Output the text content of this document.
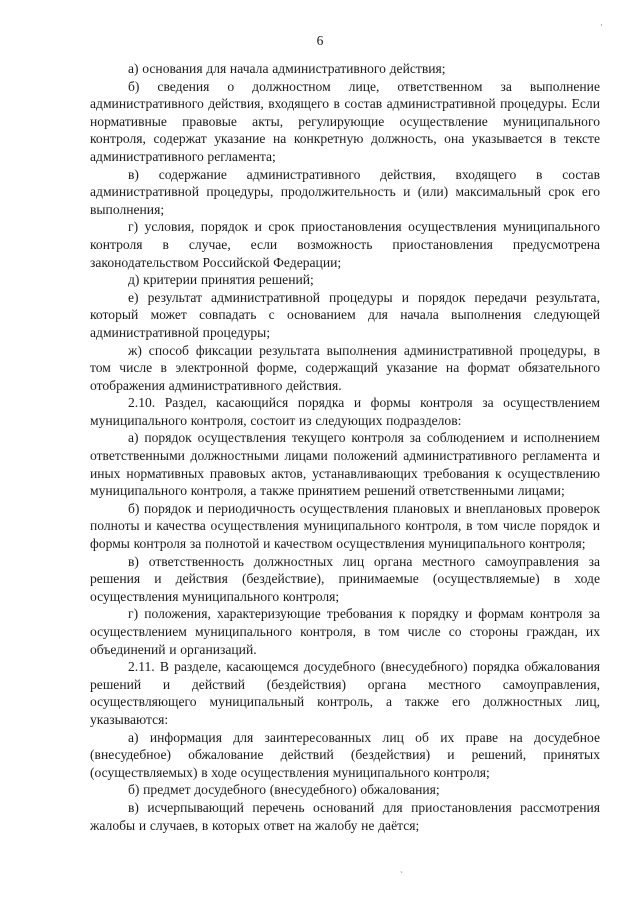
6

а) основания для начала административного действия;

б) сведения о должностном лице, ответственном за выполнение административного действия, входящего в состав административной процедуры. Если нормативные правовые акты, регулирующие осуществление муниципального контроля, содержат указание на конкретную должность, она указывается в тексте административного регламента;

в) содержание административного действия, входящего в состав административной процедуры, продолжительность и (или) максимальный срок его выполнения;

г) условия, порядок и срок приостановления осуществления муниципального контроля в случае, если возможность приостановления предусмотрена законодательством Российской Федерации;

д) критерии принятия решений;

е) результат административной процедуры и порядок передачи результата, который может совпадать с основанием для начала выполнения следующей административной процедуры;

ж) способ фиксации результата выполнения административной процедуры, в том числе в электронной форме, содержащий указание на формат обязательного отображения административного действия.

2.10. Раздел, касающийся порядка и формы контроля за осуществлением муниципального контроля, состоит из следующих подразделов:

а) порядок осуществления текущего контроля за соблюдением и исполнением ответственными должностными лицами положений административного регламента и иных нормативных правовых актов, устанавливающих требования к осуществлению муниципального контроля, а также принятием решений ответственными лицами;

б) порядок и периодичность осуществления плановых и внеплановых проверок полноты и качества осуществления муниципального контроля, в том числе порядок и формы контроля за полнотой и качеством осуществления муниципального контроля;

в) ответственность должностных лиц органа местного самоуправления за решения и действия (бездействие), принимаемые (осуществляемые) в ходе осуществления муниципального контроля;

г) положения, характеризующие требования к порядку и формам контроля за осуществлением муниципального контроля, в том числе со стороны граждан, их объединений и организаций.

2.11. В разделе, касающемся досудебного (внесудебного) порядка обжалования решений и действий (бездействия) органа местного самоуправления, осуществляющего муниципальный контроль, а также его должностных лиц, указываются:

а) информация для заинтересованных лиц об их праве на досудебное (внесудебное) обжалование действий (бездействия) и решений, принятых (осуществляемых) в ходе осуществления муниципального контроля;

б) предмет досудебного (внесудебного) обжалования;

в) исчерпывающий перечень оснований для приостановления рассмотрения жалобы и случаев, в которых ответ на жалобу не даётся;

·
ˋ
